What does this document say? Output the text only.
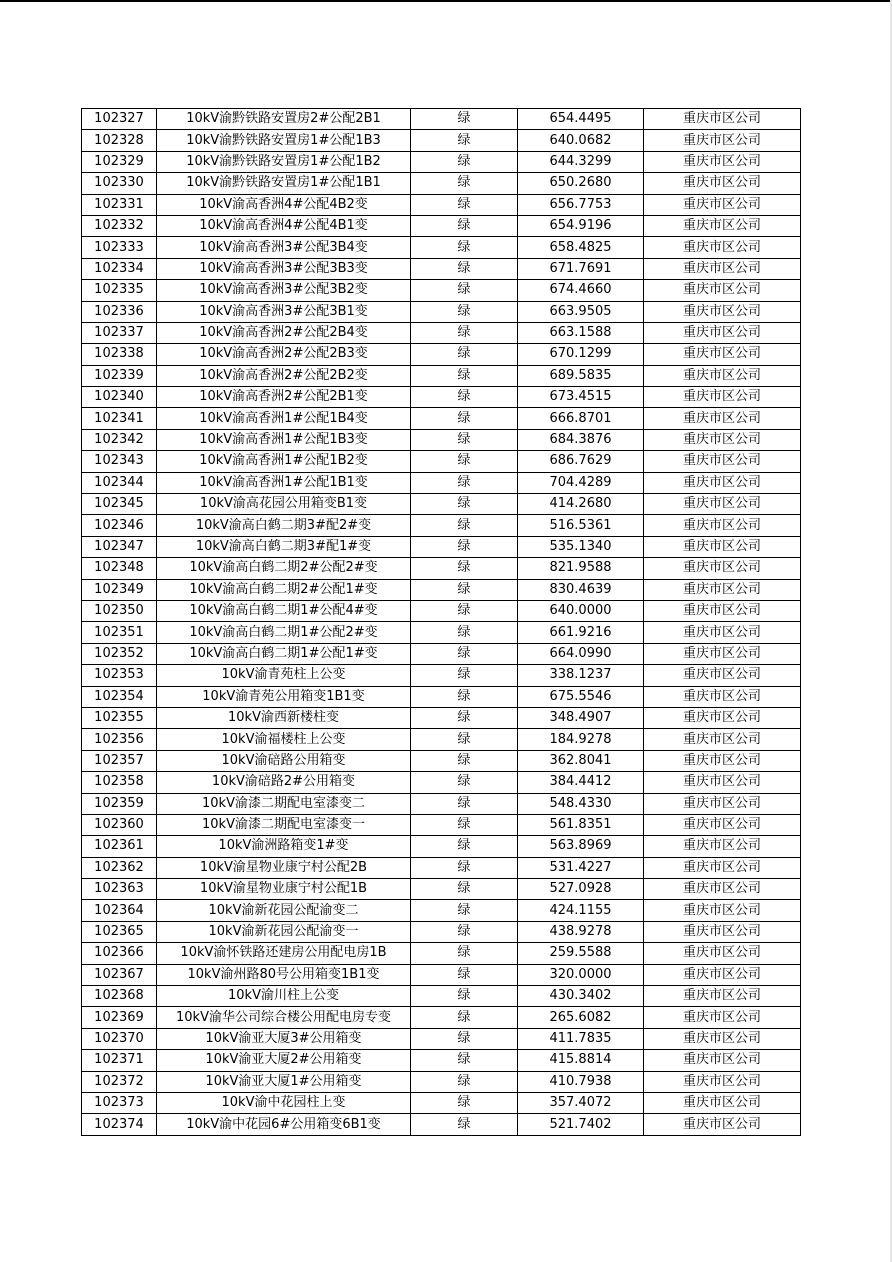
102327	10kV渝黔铁路安置房2#公配2B1	绿	654.4495	重庆市区公司
102328	10kV渝黔铁路安置房1#公配1B3	绿	640.0682	重庆市区公司
102329	10kV渝黔铁路安置房1#公配1B2	绿	644.3299	重庆市区公司
102330	10kV渝黔铁路安置房1#公配1B1	绿	650.2680	重庆市区公司
102331	10kV渝高香洲4#公配4B2变	绿	656.7753	重庆市区公司
102332	10kV渝高香洲4#公配4B1变	绿	654.9196	重庆市区公司
102333	10kV渝高香洲3#公配3B4变	绿	658.4825	重庆市区公司
102334	10kV渝高香洲3#公配3B3变	绿	671.7691	重庆市区公司
102335	10kV渝高香洲3#公配3B2变	绿	674.4660	重庆市区公司
102336	10kV渝高香洲3#公配3B1变	绿	663.9505	重庆市区公司
102337	10kV渝高香洲2#公配2B4变	绿	663.1588	重庆市区公司
102338	10kV渝高香洲2#公配2B3变	绿	670.1299	重庆市区公司
102339	10kV渝高香洲2#公配2B2变	绿	689.5835	重庆市区公司
102340	10kV渝高香洲2#公配2B1变	绿	673.4515	重庆市区公司
102341	10kV渝高香洲1#公配1B4变	绿	666.8701	重庆市区公司
102342	10kV渝高香洲1#公配1B3变	绿	684.3876	重庆市区公司
102343	10kV渝高香洲1#公配1B2变	绿	686.7629	重庆市区公司
102344	10kV渝高香洲1#公配1B1变	绿	704.4289	重庆市区公司
102345	10kV渝高花园公用箱变B1变	绿	414.2680	重庆市区公司
102346	10kV渝高白鹤二期3#配2#变	绿	516.5361	重庆市区公司
102347	10kV渝高白鹤二期3#配1#变	绿	535.1340	重庆市区公司
102348	10kV渝高白鹤二期2#公配2#变	绿	821.9588	重庆市区公司
102349	10kV渝高白鹤二期2#公配1#变	绿	830.4639	重庆市区公司
102350	10kV渝高白鹤二期1#公配4#变	绿	640.0000	重庆市区公司
102351	10kV渝高白鹤二期1#公配2#变	绿	661.9216	重庆市区公司
102352	10kV渝高白鹤二期1#公配1#变	绿	664.0990	重庆市区公司
102353	10kV渝青苑柱上公变	绿	338.1237	重庆市区公司
102354	10kV渝青苑公用箱变1B1变	绿	675.5546	重庆市区公司
102355	10kV渝西新楼柱变	绿	348.4907	重庆市区公司
102356	10kV渝福楼柱上公变	绿	184.9278	重庆市区公司
102357	10kV渝碚路公用箱变	绿	362.8041	重庆市区公司
102358	10kV渝碚路2#公用箱变	绿	384.4412	重庆市区公司
102359	10kV渝漆二期配电室漆变二	绿	548.4330	重庆市区公司
102360	10kV渝漆二期配电室漆变一	绿	561.8351	重庆市区公司
102361	10kV渝洲路箱变1#变	绿	563.8969	重庆市区公司
102362	10kV渝星物业康宁村公配2B	绿	531.4227	重庆市区公司
102363	10kV渝星物业康宁村公配1B	绿	527.0928	重庆市区公司
102364	10kV渝新花园公配渝变二	绿	424.1155	重庆市区公司
102365	10kV渝新花园公配渝变一	绿	438.9278	重庆市区公司
102366	10kV渝怀铁路还建房公用配电房1B	绿	259.5588	重庆市区公司
102367	10kV渝州路80号公用箱变1B1变	绿	320.0000	重庆市区公司
102368	10kV渝川柱上公变	绿	430.3402	重庆市区公司
102369	10kV渝华公司综合楼公用配电房专变	绿	265.6082	重庆市区公司
102370	10kV渝亚大厦3#公用箱变	绿	411.7835	重庆市区公司
102371	10kV渝亚大厦2#公用箱变	绿	415.8814	重庆市区公司
102372	10kV渝亚大厦1#公用箱变	绿	410.7938	重庆市区公司
102373	10kV渝中花园柱上变	绿	357.4072	重庆市区公司
102374	10kV渝中花园6#公用箱变6B1变	绿	521.7402	重庆市区公司
